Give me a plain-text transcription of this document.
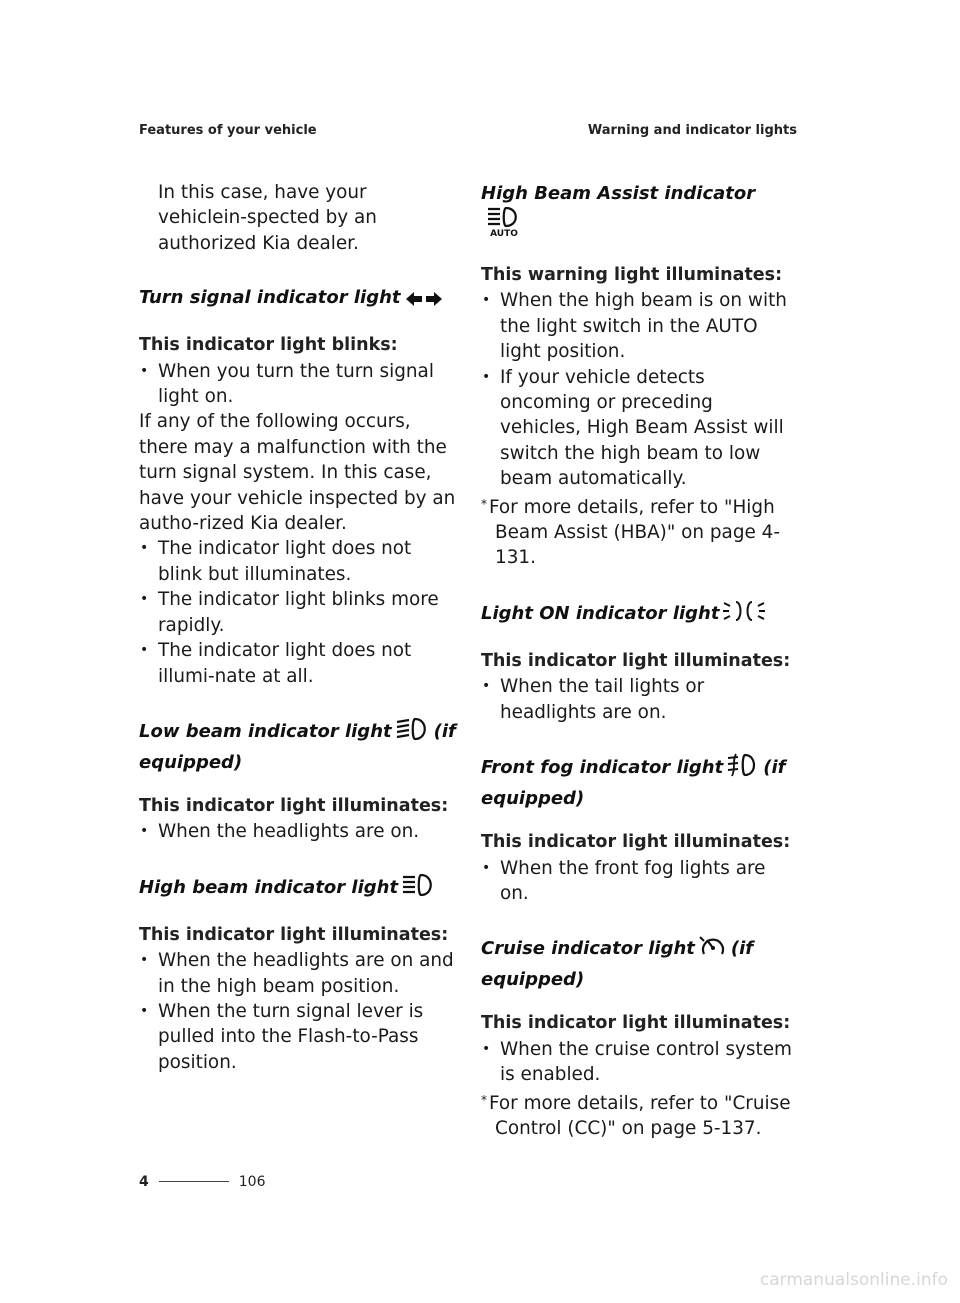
Features of your vehicle	Warning and indicator lights

In this case, have your vehiclein-spected by an authorized Kia dealer.

Turn signal indicator light

This indicator light blinks:

• When you turn the turn signal light on.

If any of the following occurs, there may a malfunction with the turn signal system. In this case, have your vehicle inspected by an autho-rized Kia dealer.

• The indicator light does not blink but illuminates.
• The indicator light blinks more rapidly.
• The indicator light does not illumi-nate at all.

Low beam indicator light (if equipped)

This indicator light illuminates:

• When the headlights are on.

High beam indicator light

This indicator light illuminates:

• When the headlights are on and in the high beam position.
• When the turn signal lever is pulled into the Flash-to-Pass position.

High Beam Assist indicator
AUTO

This warning light illuminates:

• When the high beam is on with the light switch in the AUTO light position.
• If your vehicle detects oncoming or preceding vehicles, High Beam Assist will switch the high beam to low beam automatically.

* For more details, refer to "High Beam Assist (HBA)" on page 4-131.

Light ON indicator light

This indicator light illuminates:

• When the tail lights or headlights are on.

Front fog indicator light (if equipped)

This indicator light illuminates:

• When the front fog lights are on.

Cruise indicator light (if equipped)

This indicator light illuminates:

• When the cruise control system is enabled.

* For more details, refer to "Cruise Control (CC)" on page 5-137.

4	106
carmanualsonline.info
